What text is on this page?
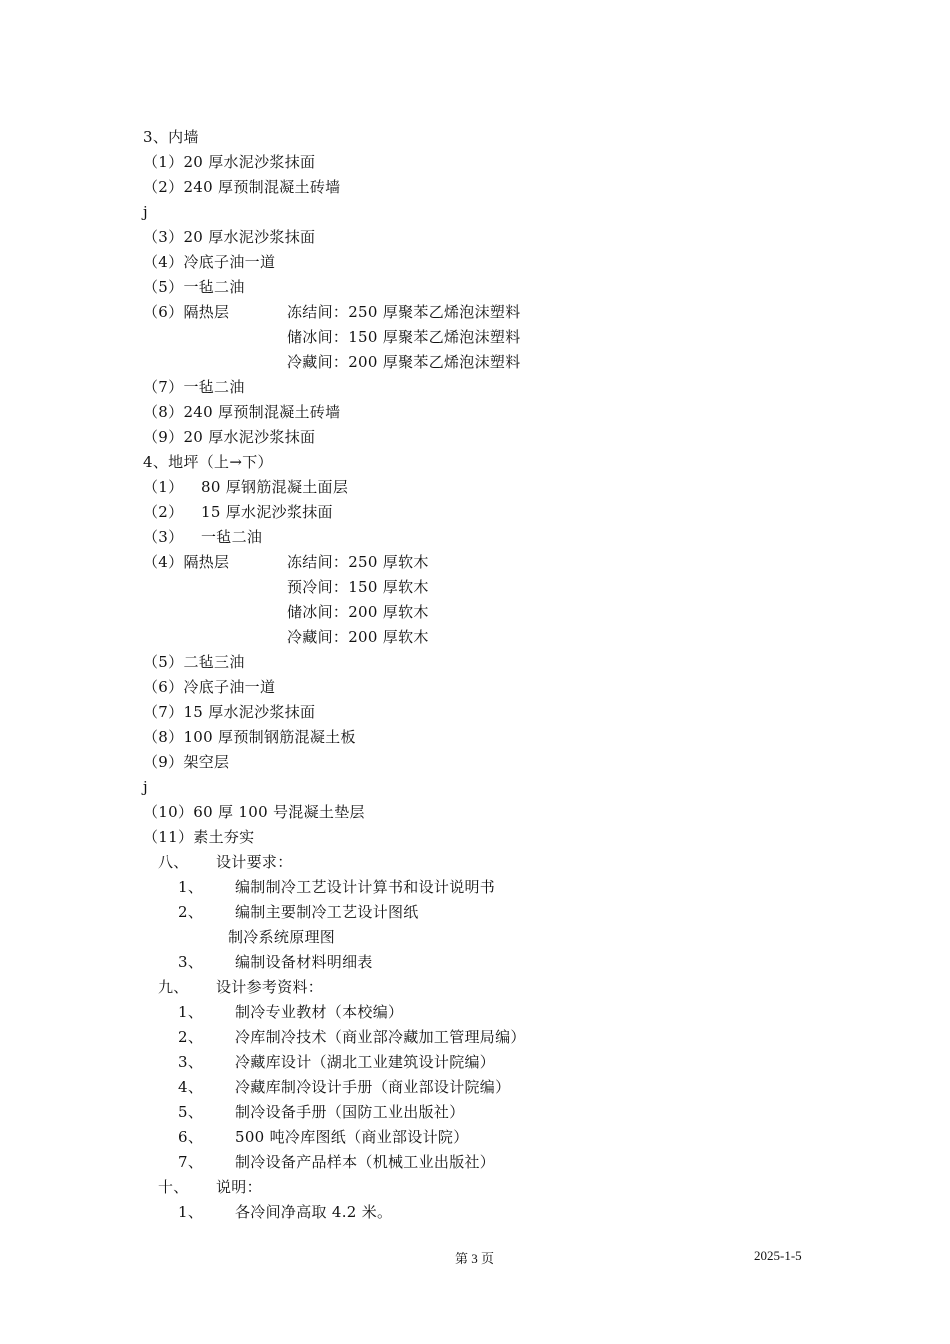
3、内墙
（1）20 厚水泥沙浆抹面
（2）240 厚预制混凝土砖墙
j
（3）20 厚水泥沙浆抹面
（4）冷底子油一道
（5）一毡二油
（6）隔热层	冻结间：250 厚聚苯乙烯泡沫塑料
储冰间：150 厚聚苯乙烯泡沫塑料
冷藏间：200 厚聚苯乙烯泡沫塑料
（7）一毡二油
（8）240 厚预制混凝土砖墙
（9）20 厚水泥沙浆抹面
4、地坪（上→下）
（1） 80 厚钢筋混凝土面层
（2） 15 厚水泥沙浆抹面
（3） 一毡二油
（4）隔热层	冻结间：250 厚软木
预冷间：150 厚软木
储冰间：200 厚软木
冷藏间：200 厚软木
（5）二毡三油
（6）冷底子油一道
（7）15 厚水泥沙浆抹面
（8）100 厚预制钢筋混凝土板
（9）架空层
j
（10）60 厚 100 号混凝土垫层
（11）素土夯实
八、 设计要求：
1、 编制制冷工艺设计计算书和设计说明书
2、 编制主要制冷工艺设计图纸
制冷系统原理图
3、 编制设备材料明细表
九、 设计参考资料：
1、 制冷专业教材（本校编）
2、 冷库制冷技术（商业部冷藏加工管理局编）
3、 冷藏库设计（湖北工业建筑设计院编）
4、 冷藏库制冷设计手册（商业部设计院编）
5、 制冷设备手册（国防工业出版社）
6、 500 吨冷库图纸（商业部设计院）
7、 制冷设备产品样本（机械工业出版社）
十、 说明：
1、 各冷间净高取 4.2 米。
第 3 页	2025-1-5
